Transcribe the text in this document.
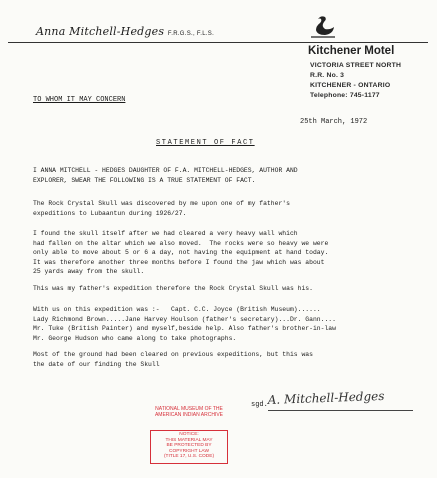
Anna Mitchell-Hedges F.R.G.S., F.L.S.
Kitchener Motel
VICTORIA STREET NORTH
R.R. No. 3
KITCHENER - ONTARIO
Telephone: 745-1177
TO WHOM IT MAY CONCERN
25th March, 1972
STATEMENT OF FACT
I ANNA MITCHELL - HEDGES DAUGHTER OF F.A. MITCHELL-HEDGES, AUTHOR AND
EXPLORER, SWEAR THE FOLLOWING IS A TRUE STATEMENT OF FACT.
The Rock Crystal Skull was discovered by me upon one of my father's
expeditions to Lubaantun during 1926/27.
I found the skull itself after we had cleared a very heavy wall which
had fallen on the altar which we also moved.  The rocks were so heavy we were
only able to move about 5 or 6 a day, not having the equipment at hand today.
It was therefore another three months before I found the jaw which was about
25 yards away from the skull.
This was my father's expedition therefore the Rock Crystal Skull was his.
With us on this expedition was :-   Capt. C.C. Joyce (British Museum)......
Lady Richmond Brown.....Jane Harvey Houlson (father's secretary)...Dr. Gann....
Mr. Tuke (British Painter) and myself,beside help. Also father's brother-in-law
Mr. George Hudson who came along to take photographs.
Most of the ground had been cleared on previous expeditions, but this was
the date of our finding the Skull
sgd. A. Mitchell-Hedges
NATIONAL MUSEUM OF THE
AMERICAN INDIAN ARCHIVE
NOTICE:
THIS MATERIAL MAY
BE PROTECTED BY
COPYRIGHT LAW
(TITLE 17, U.S. CODE)
